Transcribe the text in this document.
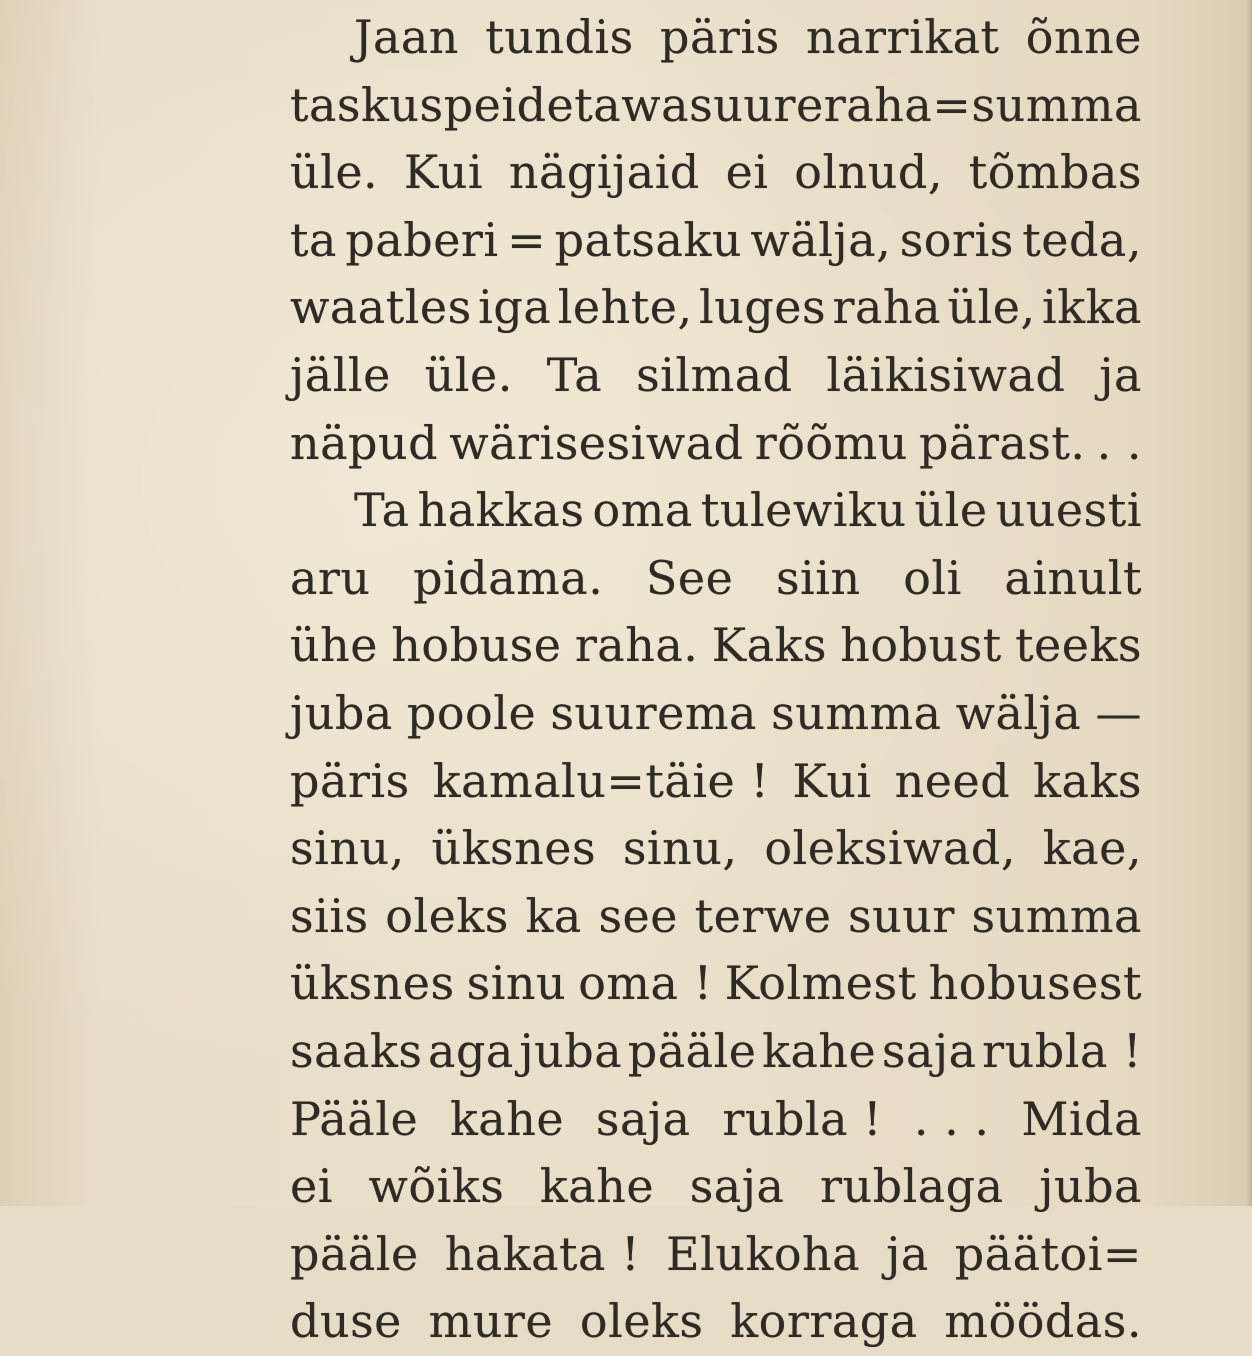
Jaan tundis päris narrikat õnne
taskus peidetawa suure raha = summa
üle. Kui nägijaid ei olnud, tõmbas
ta paberi = patsaku wälja, soris teda,
waatles iga lehte, luges raha üle, ikka
jälle üle. Ta silmad läikisiwad ja
näpud wärisesiwad rõõmu pärast. . .
Ta hakkas oma tulewiku üle uuesti
aru pidama. See siin oli ainult
ühe hobuse raha. Kaks hobust teeks
juba poole suurema summa wälja —
päris kamalu=täie ! Kui need kaks
sinu, üksnes sinu, oleksiwad, kae,
siis oleks ka see terwe suur summa
üksnes sinu oma ! Kolmest hobusest
saaks aga juba pääle kahe saja rubla !
Pääle kahe saja rubla ! . . . Mida
ei wõiks kahe saja rublaga juba
pääle hakata ! Elukoha ja päätoi=
duse mure oleks korraga möödas.
